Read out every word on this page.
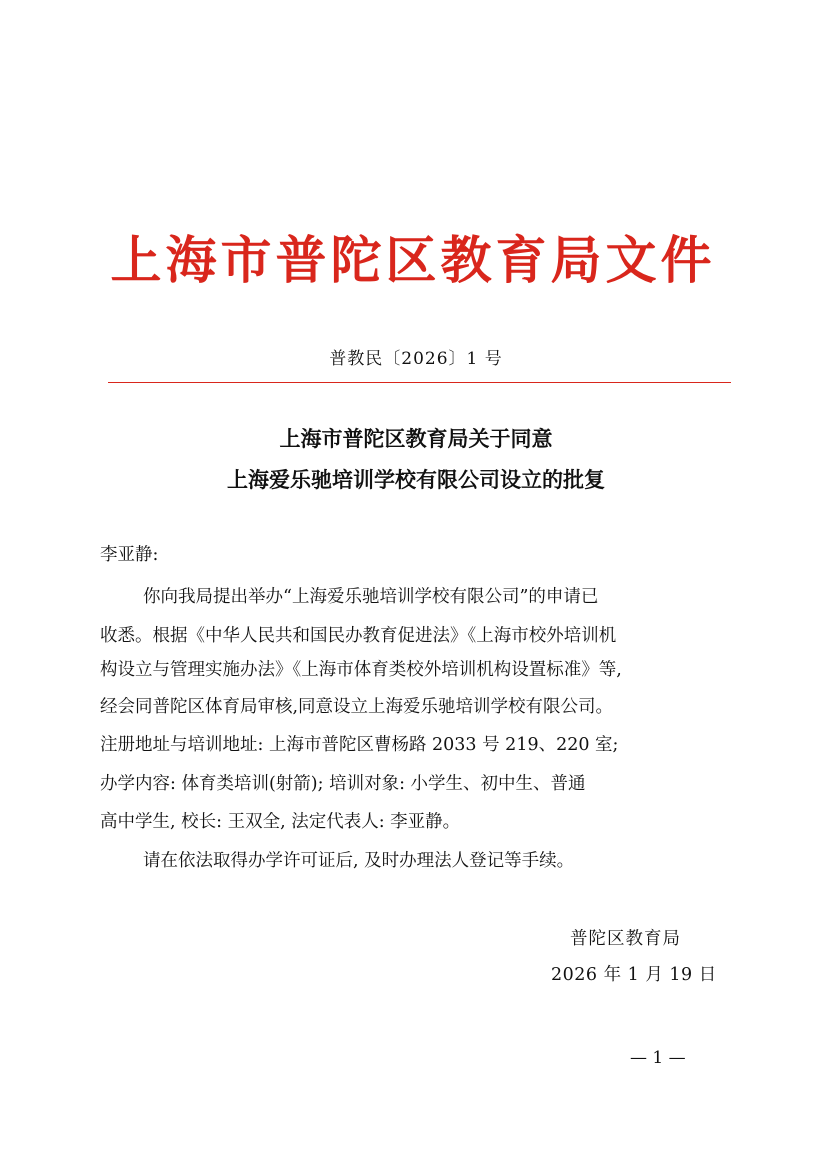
上海市普陀区教育局文件
普教民〔2026〕1 号
上海市普陀区教育局关于同意
上海爱乐驰培训学校有限公司设立的批复
李亚静:
你向我局提出举办“上海爱乐驰培训学校有限公司”的申请已
收悉。根据《中华人民共和国民办教育促进法》《上海市校外培训机
构设立与管理实施办法》《上海市体育类校外培训机构设置标准》等,
经会同普陀区体育局审核,同意设立上海爱乐驰培训学校有限公司。
注册地址与培训地址: 上海市普陀区曹杨路 2033 号 219、220 室;
办学内容: 体育类培训(射箭); 培训对象: 小学生、初中生、普通
高中学生, 校长: 王双全, 法定代表人: 李亚静。
请在依法取得办学许可证后, 及时办理法人登记等手续。
普陀区教育局
2026 年 1 月 19 日
— 1 —
